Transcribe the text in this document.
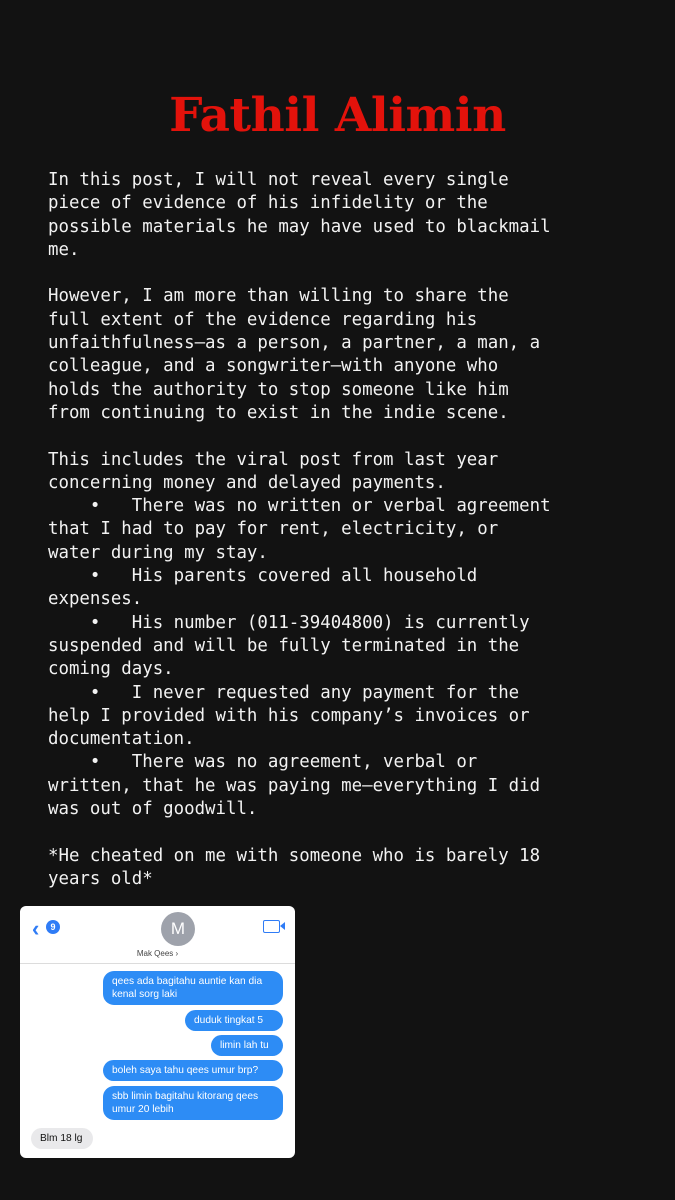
Fathil Alimin
In this post, I will not reveal every single
piece of evidence of his infidelity or the
possible materials he may have used to blackmail
me.
However, I am more than willing to share the
full extent of the evidence regarding his
unfaithfulness—as a person, a partner, a man, a
colleague, and a songwriter—with anyone who
holds the authority to stop someone like him
from continuing to exist in the indie scene.
This includes the viral post from last year
concerning money and delayed payments.
•   There was no written or verbal agreement
that I had to pay for rent, electricity, or
water during my stay.
•   His parents covered all household
expenses.
•   His number (011-39404800) is currently
suspended and will be fully terminated in the
coming days.
•   I never requested any payment for the
help I provided with his company’s invoices or
documentation.
•   There was no agreement, verbal or
written, that he was paying me—everything I did
was out of goodwill.
*He cheated on me with someone who is barely 18
years old*
‹	9	M
Mak Qees ›
qees ada bagitahu auntie kan dia
kenal sorg laki
duduk tingkat 5
limin lah tu
boleh saya tahu qees umur brp?
sbb limin bagitahu kitorang qees
umur 20 lebih
Blm 18 lg
